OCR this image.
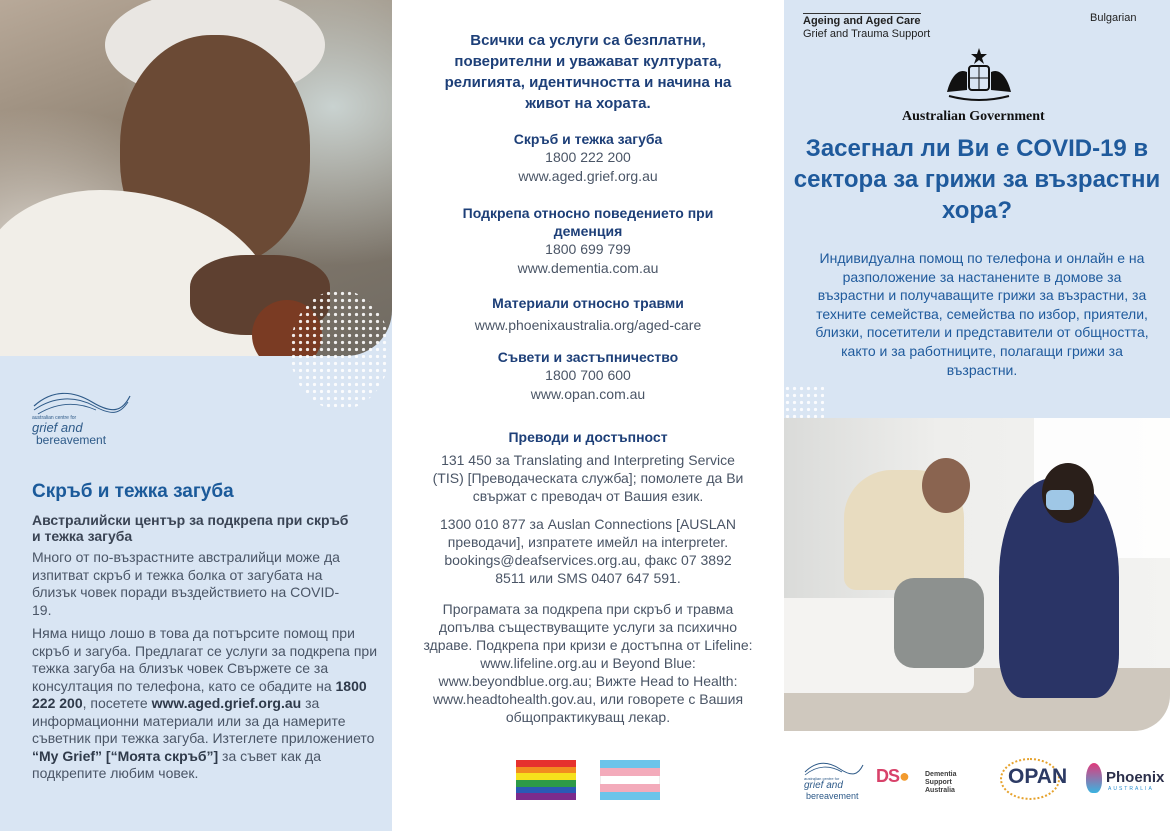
australian centre for
grief and
bereavement
Скръб и тежка загуба
Австралийски център за подкрепа при скръб и тежка загуба
Много от по-възрастните австралийци може да изпитват скръб и тежка болка от загубата на близък човек поради въздействието на COVID-19.
Няма нищо лошо в това да потърсите помощ при скръб и загуба. Предлагат се услуги за подкрепа при тежка загуба на близък човек Свържете се за консултация по телефона, като се обадите на 1800 222 200, посетете www.aged.grief.org.au за информационни материали или за да намерите съветник при тежка загуба. Изтеглете приложението “My Grief” [“Моята скръб”] за съвет как да подкрепите любим човек.
Всички са услуги са безплатни, поверителни и уважават културата, религията, идентичността и начина на живот на хората.
Скръб и тежка загуба

1800 222 200

www.aged.grief.org.au

Подкрепа относно поведението при деменция

1800 699 799

www.dementia.com.au

Материали относно травми

www.phoenixaustralia.org/aged-care

Съвети и застъпничество

1800 700 600

www.opan.com.au

Преводи и достъпност
131 450 за Translating and Interpreting Service (TIS) [Преводаческата служба]; помолете да Ви свържат с преводач от Вашия език.
1300 010 877 за Auslan Connections [AUSLAN преводачи], изпратете имейл на interpreter. bookings@deafservices.org.au, факс 07 3892 8511 или SMS 0407 647 591.
Програмата за подкрепа при скръб и травма допълва съществуващите услуги за психично здраве. Подкрепа при кризи е достъпна от Lifeline: www.lifeline.org.au и Beyond Blue: www.beyondblue.org.au; Вижте Head to Health: www.headtohealth.gov.au, или говорете с Вашия общопрактикуващ лекар.
Ageing and Aged Care
Grief and Trauma Support
Bulgarian
Australian Government
Засегнал ли Ви е COVID-19 в сектора за грижи за възрастни хора?
Индивидуална помощ по телефона и онлайн е на разположение за настанените в домове за възрастни и получаващите грижи за възрастни, за техните семейства, семейства по избор, приятели, близки, посетители и представители от общността, както и за работниците, полагащи грижи за възрастни.
australian centre for
grief and
bereavement
DS● Dementia Support Australia
OPAN	Phoenix
AUSTRALIA
